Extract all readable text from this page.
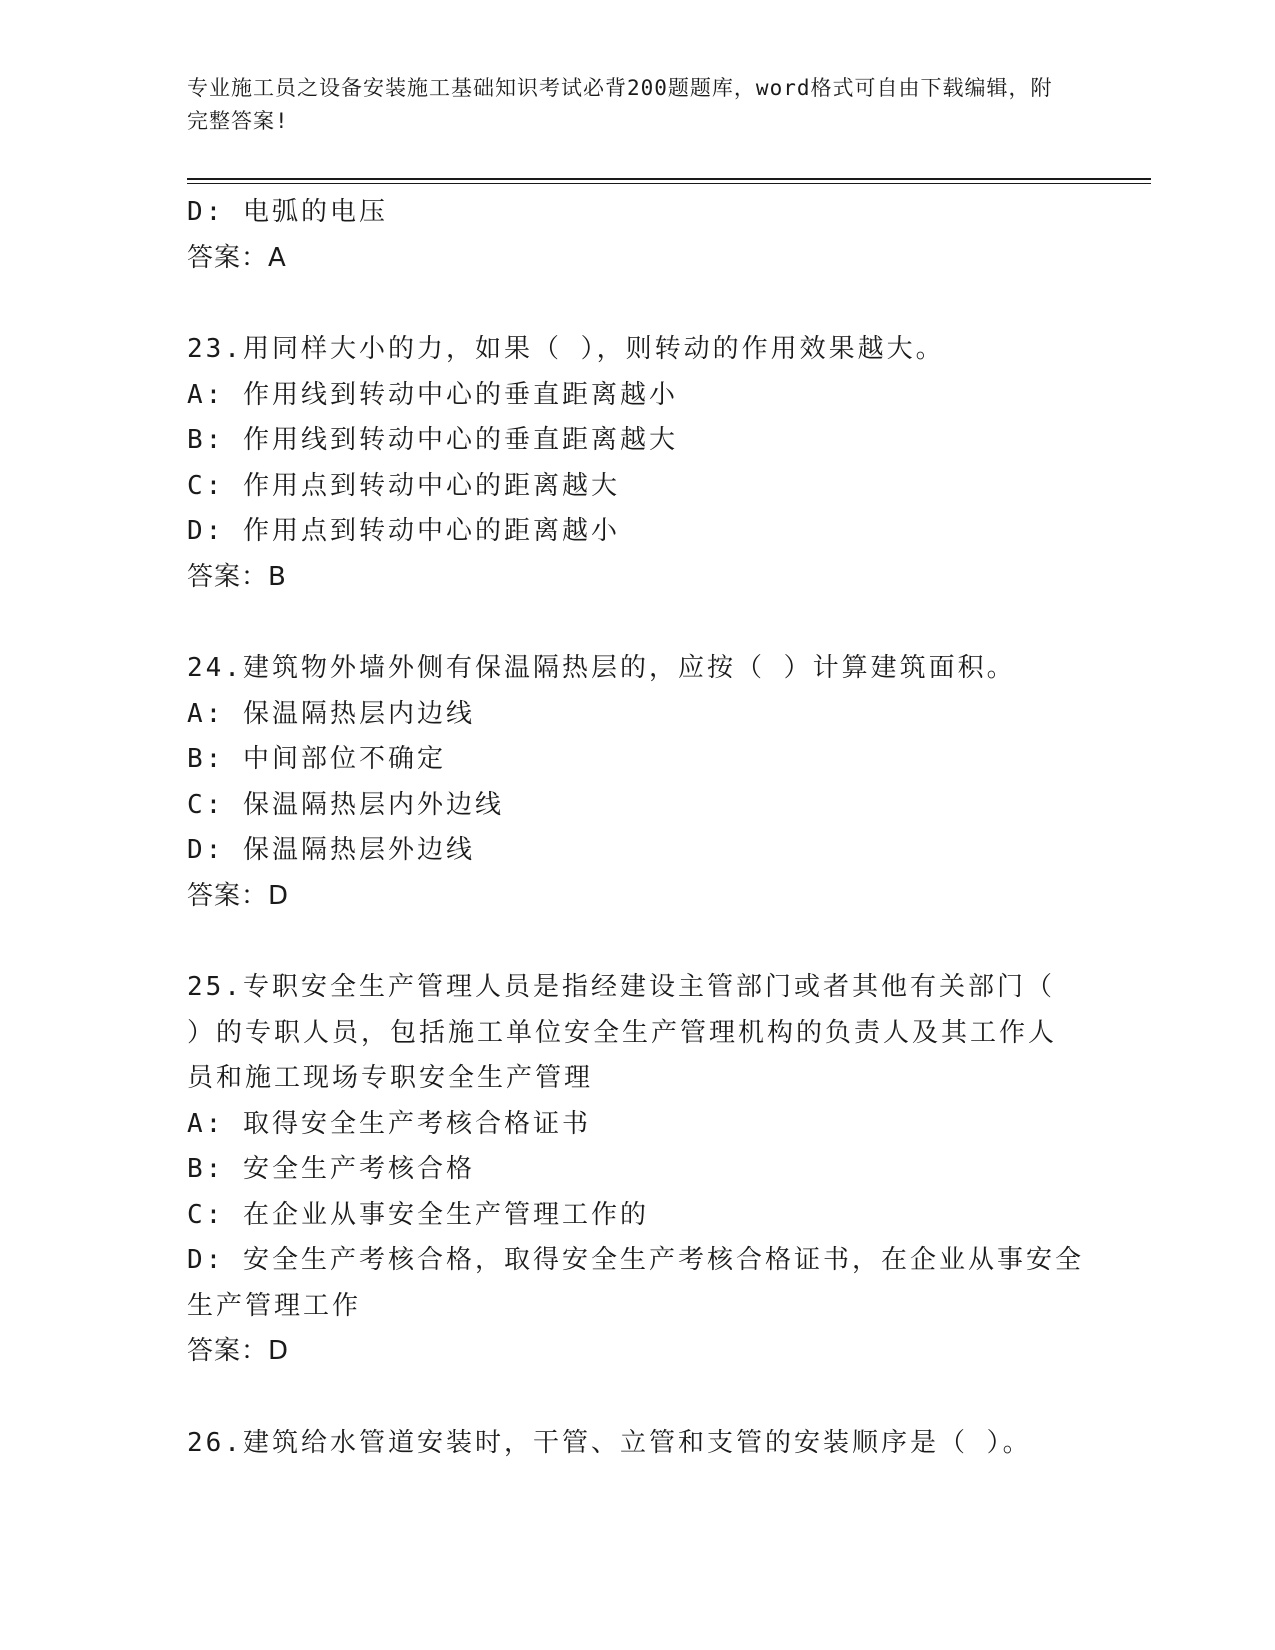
专业施工员之设备安装施工基础知识考试必背200题题库，word格式可自由下载编辑，附完整答案!
D: 电弧的电压
答案：A
23.用同样大小的力，如果（ ），则转动的作用效果越大。
A: 作用线到转动中心的垂直距离越小
B: 作用线到转动中心的垂直距离越大
C: 作用点到转动中心的距离越大
D: 作用点到转动中心的距离越小
答案：B
24.建筑物外墙外侧有保温隔热层的，应按（ ）计算建筑面积。
A: 保温隔热层内边线
B: 中间部位不确定
C: 保温隔热层内外边线
D: 保温隔热层外边线
答案：D
25.专职安全生产管理人员是指经建设主管部门或者其他有关部门（
）的专职人员，包括施工单位安全生产管理机构的负责人及其工作人
员和施工现场专职安全生产管理
A: 取得安全生产考核合格证书
B: 安全生产考核合格
C: 在企业从事安全生产管理工作的
D: 安全生产考核合格，取得安全生产考核合格证书，在企业从事安全
生产管理工作
答案：D
26.建筑给水管道安装时，干管、立管和支管的安装顺序是（ ）。
